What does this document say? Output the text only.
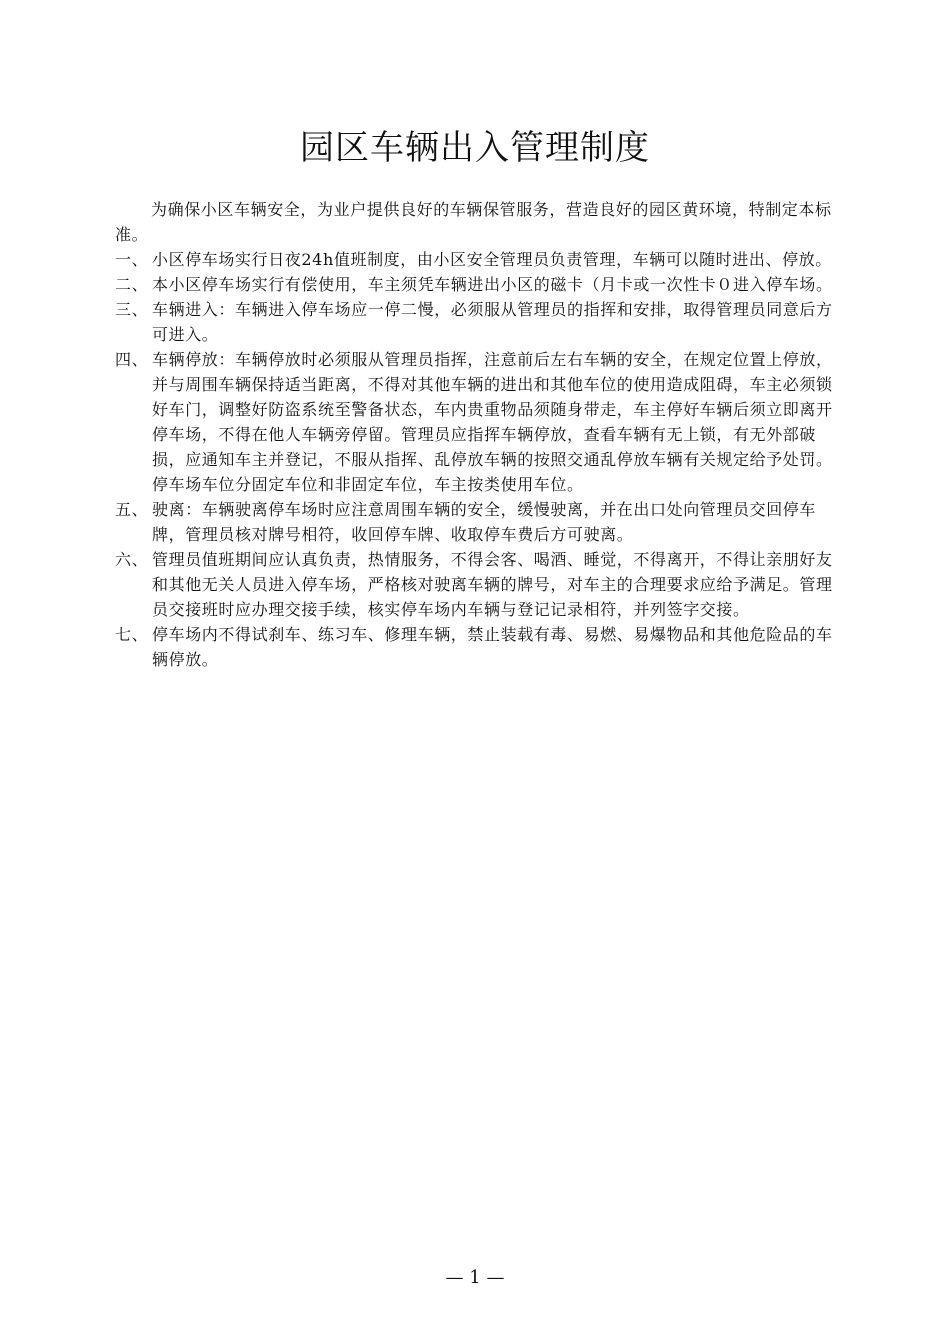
园区车辆出入管理制度

为确保小区车辆安全，为业户提供良好的车辆保管服务，营造良好的园区黄环境，特制定本标准。

一、 小区停车场实行日夜24h值班制度，由小区安全管理员负责管理，车辆可以随时进出、停放。

二、 本小区停车场实行有偿使用，车主须凭车辆进出小区的磁卡（月卡或一次性卡０进入停车场。

三、 车辆进入：车辆进入停车场应一停二慢，必须服从管理员的指挥和安排，取得管理员同意后方可进入。

四、 车辆停放：车辆停放时必须服从管理员指挥，注意前后左右车辆的安全，在规定位置上停放，并与周围车辆保持适当距离，不得对其他车辆的进出和其他车位的使用造成阻碍，车主必须锁好车门，调整好防盗系统至警备状态，车内贵重物品须随身带走，车主停好车辆后须立即离开停车场，不得在他人车辆旁停留。管理员应指挥车辆停放，查看车辆有无上锁，有无外部破损，应通知车主并登记，不服从指挥、乱停放车辆的按照交通乱停放车辆有关规定给予处罚。停车场车位分固定车位和非固定车位，车主按类使用车位。

五、 驶离：车辆驶离停车场时应注意周围车辆的安全，缓慢驶离，并在出口处向管理员交回停车牌，管理员核对牌号相符，收回停车牌、收取停车费后方可驶离。

六、 管理员值班期间应认真负责，热情服务，不得会客、喝酒、睡觉，不得离开，不得让亲朋好友和其他无关人员进入停车场，严格核对驶离车辆的牌号，对车主的合理要求应给予满足。管理员交接班时应办理交接手续，核实停车场内车辆与登记记录相符，并列签字交接。

七、 停车场内不得试刹车、练习车、修理车辆，禁止装载有毒、易燃、易爆物品和其他危险品的车辆停放。

— 1 —
